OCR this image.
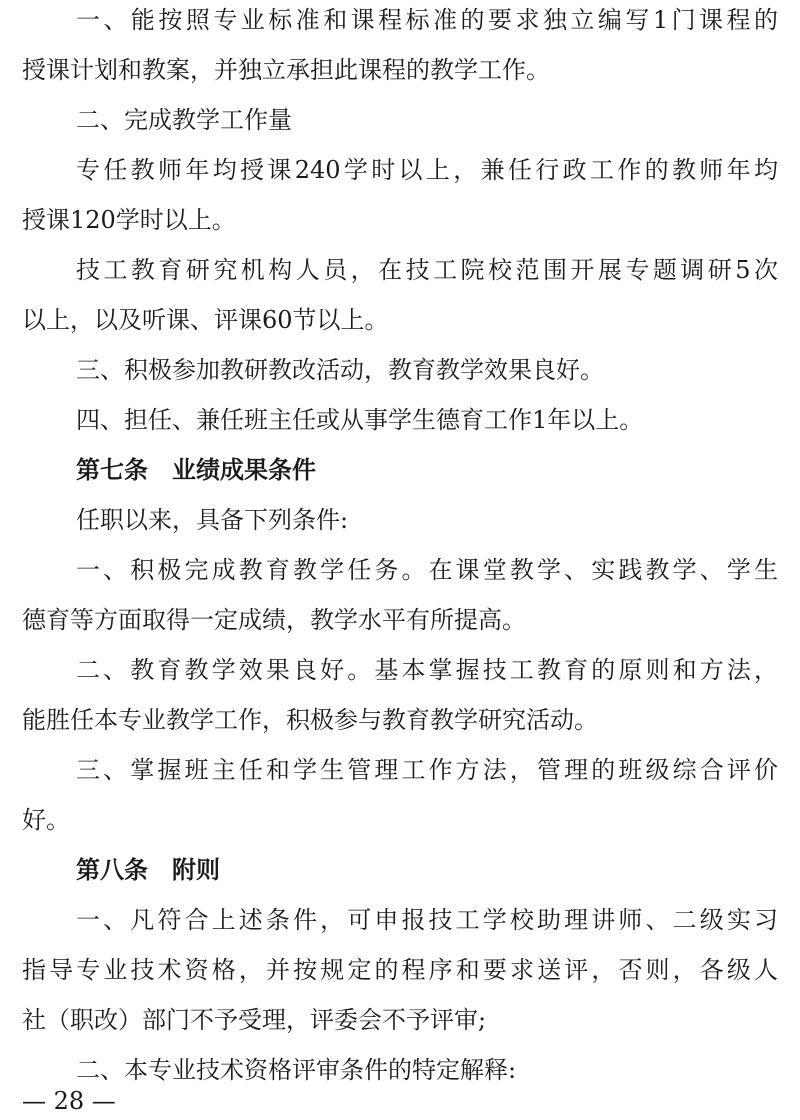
一、能按照专业标准和课程标准的要求独立编写1门课程的
授课计划和教案，并独立承担此课程的教学工作。
二、完成教学工作量
专任教师年均授课240学时以上，兼任行政工作的教师年均
授课120学时以上。
技工教育研究机构人员，在技工院校范围开展专题调研5次
以上，以及听课、评课60节以上。
三、积极参加教研教改活动，教育教学效果良好。
四、担任、兼任班主任或从事学生德育工作1年以上。
第七条　业绩成果条件
任职以来，具备下列条件:
一、积极完成教育教学任务。在课堂教学、实践教学、学生
德育等方面取得一定成绩，教学水平有所提高。
二、教育教学效果良好。基本掌握技工教育的原则和方法，
能胜任本专业教学工作，积极参与教育教学研究活动。
三、掌握班主任和学生管理工作方法，管理的班级综合评价
好。
第八条　附则
一、凡符合上述条件，可申报技工学校助理讲师、二级实习
指导专业技术资格，并按规定的程序和要求送评，否则，各级人
社（职改）部门不予受理，评委会不予评审;
二、本专业技术资格评审条件的特定解释:
— 28 —
